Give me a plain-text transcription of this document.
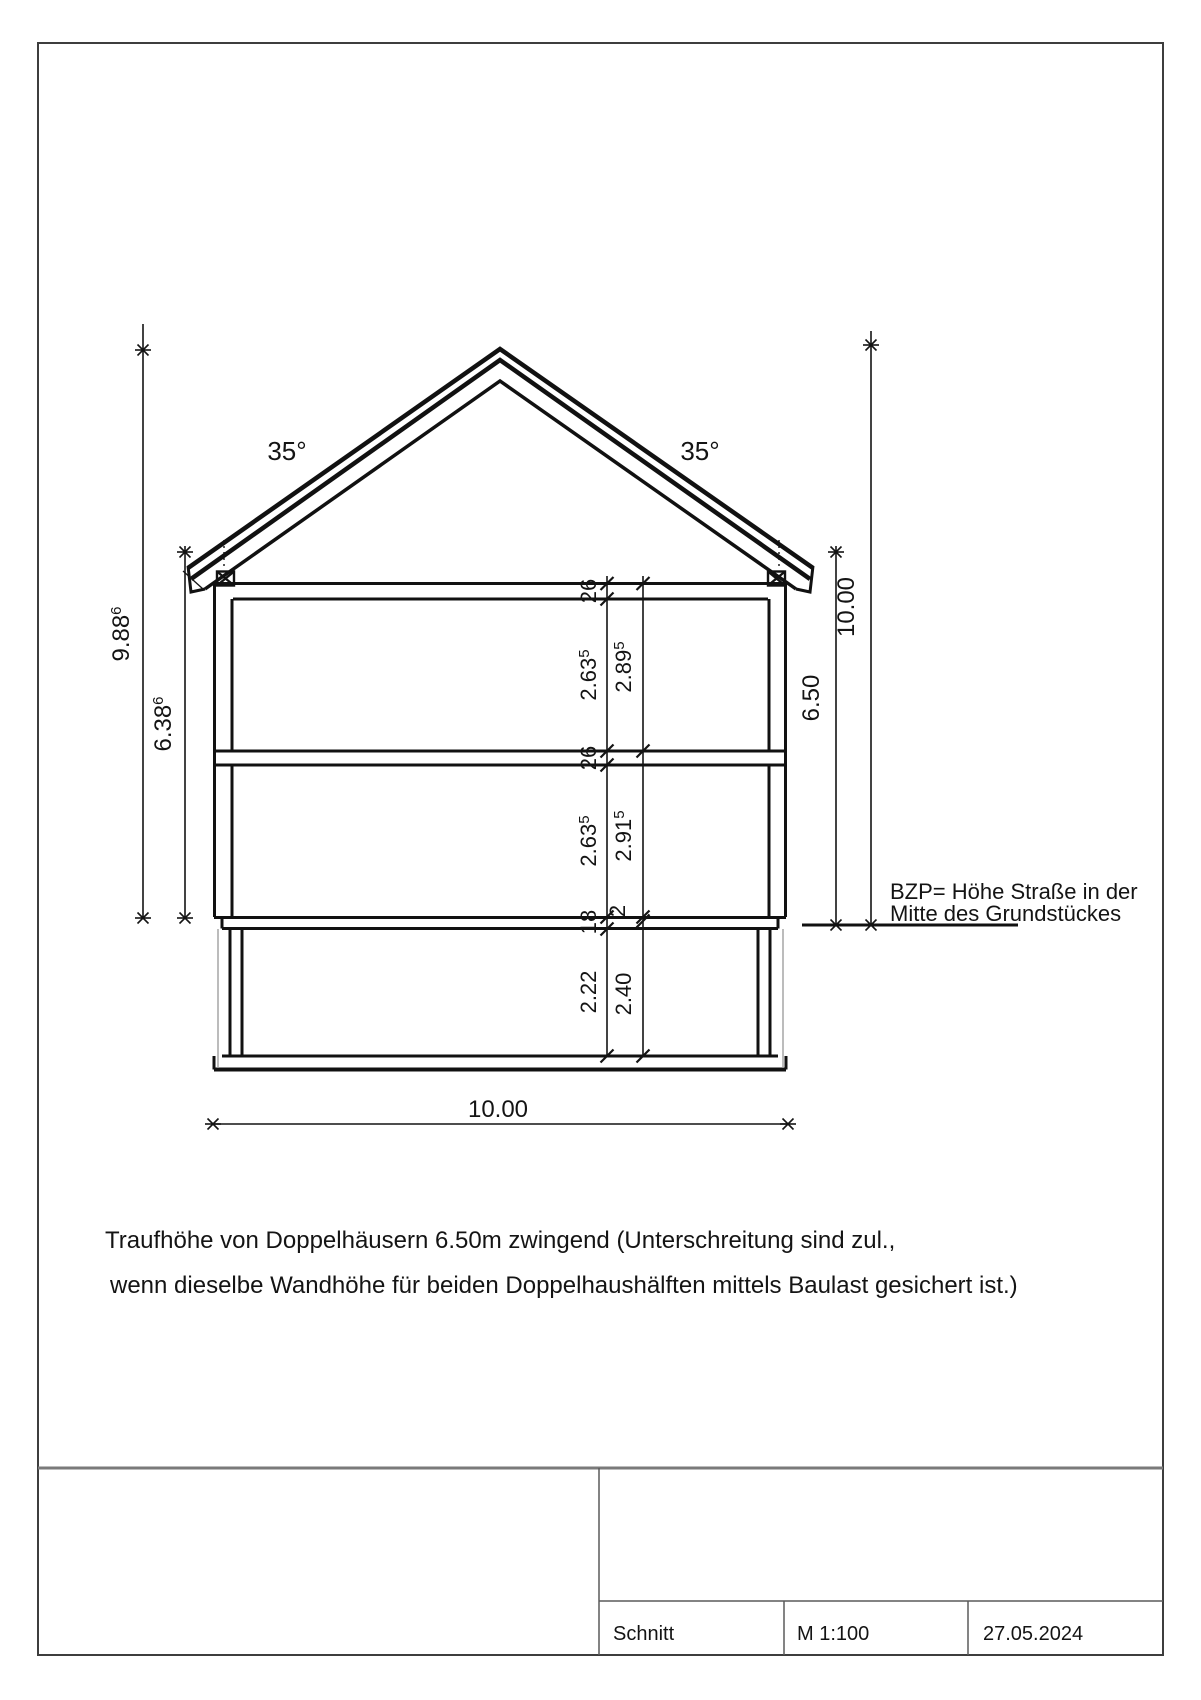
35°	35°
9.88$^6$
6.38$^6$
26
2.63$^5$
26
2.63$^5$
18
2.22
2.89$^5$
2.91$^5$
2
2.40
6.50
10.00
10.00
BZP= Höhe Straße in der
Mitte des Grundstückes
Traufhöhe von Doppelhäusern 6.50m zwingend (Unterschreitung sind zul.,
wenn dieselbe Wandhöhe für beiden Doppelhaushälften mittels Baulast gesichert ist.)
Schnitt	M 1:100	27.05.2024
